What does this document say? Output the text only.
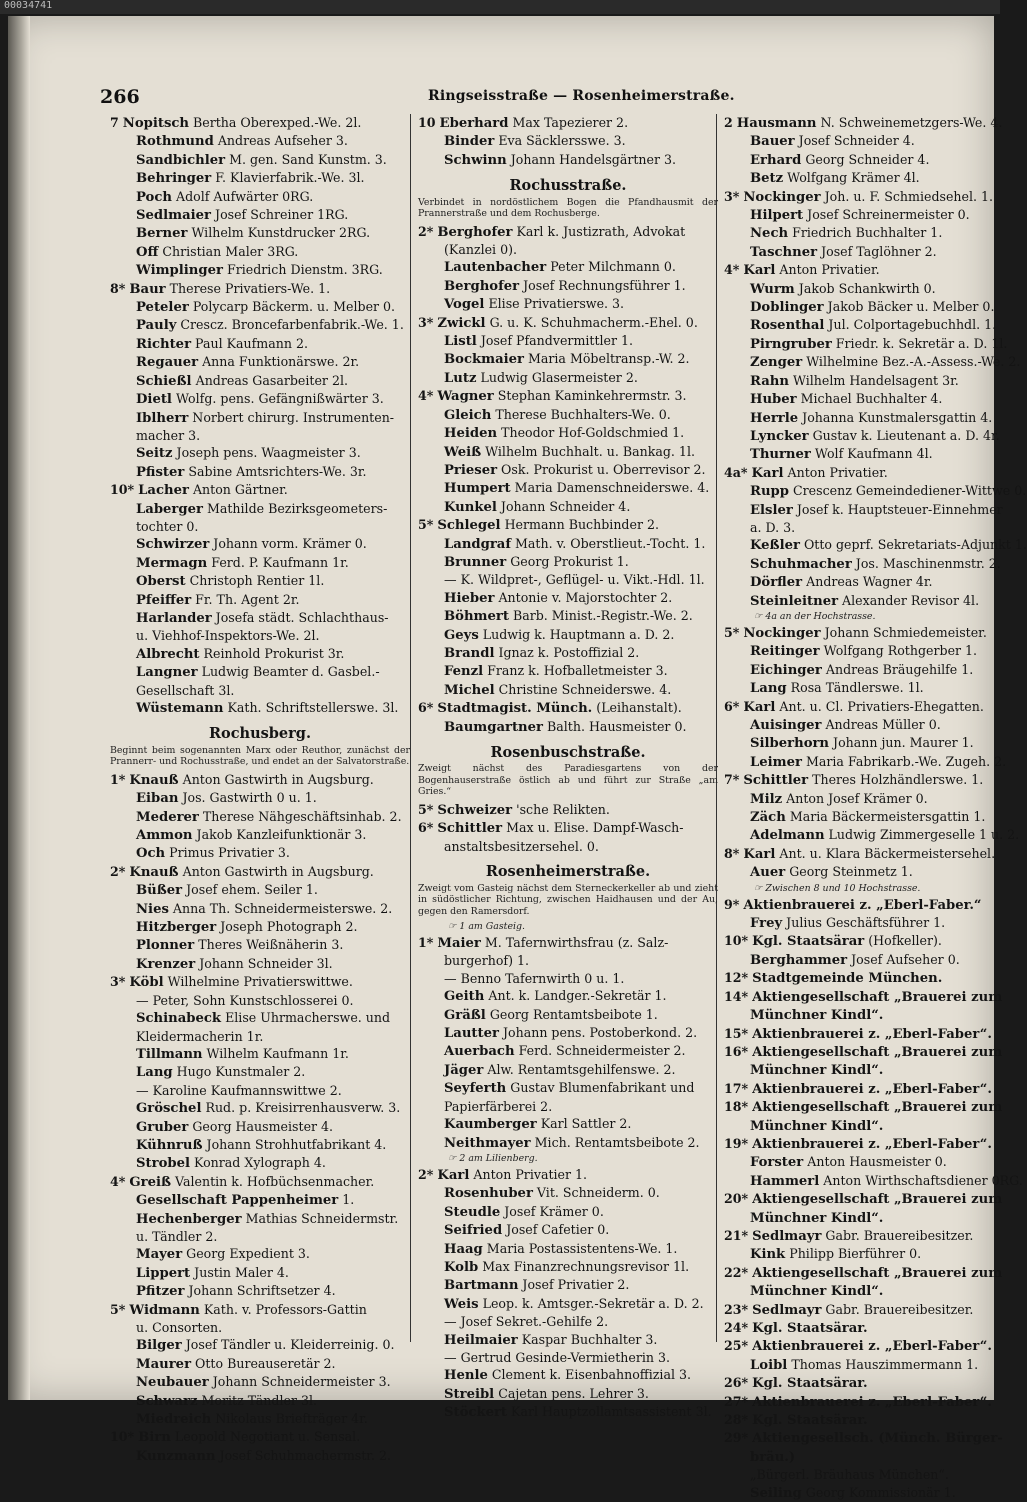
00034741
266	Ringseisstraße — Rosenheimerstraße.
7 Nopitsch Bertha Oberexped.-We. 2l.
Rothmund Andreas Aufseher 3.
Sandbichler M. gen. Sand Kunstm. 3.
Behringer F. Klavierfabrik.-We. 3l.
Poch Adolf Aufwärter 0RG.
Sedlmaier Josef Schreiner 1RG.
Berner Wilhelm Kunstdrucker 2RG.
Off Christian Maler 3RG.
Wimplinger Friedrich Dienstm. 3RG.
8* Baur Therese Privatiers-We. 1.
Peteler Polycarp Bäckerm. u. Melber 0.
Pauly Crescz. Broncefarbenfabrik.-We. 1.
Richter Paul Kaufmann 2.
Regauer Anna Funktionärswe. 2r.
Schießl Andreas Gasarbeiter 2l.
Dietl Wolfg. pens. Gefängnißwärter 3.
Iblherr Norbert chirurg. Instrumenten-
macher 3.
Seitz Joseph pens. Waagmeister 3.
Pfister Sabine Amtsrichters-We. 3r.
10* Lacher Anton Gärtner.
Laberger Mathilde Bezirksgeometers-
tochter 0.
Schwirzer Johann vorm. Krämer 0.
Mermagn Ferd. P. Kaufmann 1r.
Oberst Christoph Rentier 1l.
Pfeiffer Fr. Th. Agent 2r.
Harlander Josefa städt. Schlachthaus-
u. Viehhof-Inspektors-We. 2l.
Albrecht Reinhold Prokurist 3r.
Langner Ludwig Beamter d. Gasbel.-
Gesellschaft 3l.
Wüstemann Kath. Schriftstellerswe. 3l.
Rochusberg.
Beginnt beim sogenannten Marx oder Reuthor, zunächst der Prannerr- und Rochusstraße, und endet an der Salvatorstraße.
1* Knauß Anton Gastwirth in Augsburg.
Eiban Jos. Gastwirth 0 u. 1.
Mederer Therese Nähgeschäftsinhab. 2.
Ammon Jakob Kanzleifunktionär 3.
Och Primus Privatier 3.
2* Knauß Anton Gastwirth in Augsburg.
Büßer Josef ehem. Seiler 1.
Nies Anna Th. Schneidermeisterswe. 2.
Hitzberger Joseph Photograph 2.
Plonner Theres Weißnäherin 3.
Krenzer Johann Schneider 3l.
3* Köbl Wilhelmine Privatierswittwe.
— Peter, Sohn Kunstschlosserei 0.
Schinabeck Elise Uhrmacherswe. und
Kleidermacherin 1r.
Tillmann Wilhelm Kaufmann 1r.
Lang Hugo Kunstmaler 2.
— Karoline Kaufmannswittwe 2.
Gröschel Rud. p. Kreisirrenhausverw. 3.
Gruber Georg Hausmeister 4.
Kühnruß Johann Strohhutfabrikant 4.
Strobel Konrad Xylograph 4.
4* Greiß Valentin k. Hofbüchsenmacher.
Gesellschaft Pappenheimer 1.
Hechenberger Mathias Schneidermstr.
u. Tändler 2.
Mayer Georg Expedient 3.
Lippert Justin Maler 4.
Pfitzer Johann Schriftsetzer 4.
5* Widmann Kath. v. Professors-Gattin
u. Consorten.
Bilger Josef Tändler u. Kleiderreinig. 0.
Maurer Otto Bureauseretär 2.
Neubauer Johann Schneidermeister 3.
Schwarz Moritz Tändler 3l.
Miedreich Nikolaus Briefträger 4r.
10* Birn Leopold Negotiant u. Sensal.
Kunzmann Josef Schuhmachermstr. 2.
10 Eberhard Max Tapezierer 2.
Binder Eva Säcklersswe. 3.
Schwinn Johann Handelsgärtner 3.
Rochusstraße.
Verbindet in nordöstlichem Bogen die Pfandhausmit der Prannerstraße und dem Rochusberge.
2* Berghofer Karl k. Justizrath, Advokat
(Kanzlei 0).
Lautenbacher Peter Milchmann 0.
Berghofer Josef Rechnungsführer 1.
Vogel Elise Privatierswe. 3.
3* Zwickl G. u. K. Schuhmacherm.-Ehel. 0.
Listl Josef Pfandvermittler 1.
Bockmaier Maria Möbeltransp.-W. 2.
Lutz Ludwig Glasermeister 2.
4* Wagner Stephan Kaminkehrermstr. 3.
Gleich Therese Buchhalters-We. 0.
Heiden Theodor Hof-Goldschmied 1.
Weiß Wilhelm Buchhalt. u. Bankag. 1l.
Prieser Osk. Prokurist u. Oberrevisor 2.
Humpert Maria Damenschneiderswe. 4.
Kunkel Johann Schneider 4.
5* Schlegel Hermann Buchbinder 2.
Landgraf Math. v. Oberstlieut.-Tocht. 1.
Brunner Georg Prokurist 1.
— K. Wildpret-, Geflügel- u. Vikt.-Hdl. 1l.
Hieber Antonie v. Majorstochter 2.
Böhmert Barb. Minist.-Registr.-We. 2.
Geys Ludwig k. Hauptmann a. D. 2.
Brandl Ignaz k. Postoffizial 2.
Fenzl Franz k. Hofballetmeister 3.
Michel Christine Schneiderswe. 4.
6* Stadtmagist. Münch. (Leihanstalt).
Baumgartner Balth. Hausmeister 0.
Rosenbuschstraße.
Zweigt nächst des Paradiesgartens von der Bogenhauserstraße östlich ab und führt zur Straße „am Gries.“
5* Schweizer 'sche Relikten.
6* Schittler Max u. Elise. Dampf-Wasch-
anstaltsbesitzersehel. 0.
Rosenheimerstraße.
Zweigt vom Gasteig nächst dem Sterneckerkeller ab und zieht in südöstlicher Richtung, zwischen Haidhausen und der Au, gegen den Ramersdorf.
☞ 1 am Gasteig.
1* Maier M. Tafernwirthsfrau (z. Salz-
burgerhof) 1.
— Benno Tafernwirth 0 u. 1.
Geith Ant. k. Landger.-Sekretär 1.
Gräßl Georg Rentamtsbeibote 1.
Lautter Johann pens. Postoberkond. 2.
Auerbach Ferd. Schneidermeister 2.
Jäger Alw. Rentamtsgehilfenswe. 2.
Seyferth Gustav Blumenfabrikant und
Papierfärberei 2.
Kaumberger Karl Sattler 2.
Neithmayer Mich. Rentamtsbeibote 2.
☞ 2 am Lilienberg.
2* Karl Anton Privatier 1.
Rosenhuber Vit. Schneiderm. 0.
Steudle Josef Krämer 0.
Seifried Josef Cafetier 0.
Haag Maria Postassistentens-We. 1.
Kolb Max Finanzrechnungsrevisor 1l.
Bartmann Josef Privatier 2.
Weis Leop. k. Amtsger.-Sekretär a. D. 2.
— Josef Sekret.-Gehilfe 2.
Heilmaier Kaspar Buchhalter 3.
— Gertrud Gesinde-Vermietherin 3.
Henle Clement k. Eisenbahnoffizial 3.
Streibl Cajetan pens. Lehrer 3.
Stöckert Karl Hauptzollamtsassistent 3l.
2 Hausmann N. Schweinemetzgers-We. 4.
Bauer Josef Schneider 4.
Erhard Georg Schneider 4.
Betz Wolfgang Krämer 4l.
3* Nockinger Joh. u. F. Schmiedsehel. 1.
Hilpert Josef Schreinermeister 0.
Nech Friedrich Buchhalter 1.
Taschner Josef Taglöhner 2.
4* Karl Anton Privatier.
Wurm Jakob Schankwirth 0.
Doblinger Jakob Bäcker u. Melber 0.
Rosenthal Jul. Colportagebuchhdl. 1.
Pirngruber Friedr. k. Sekretär a. D. 1l.
Zenger Wilhelmine Bez.-A.-Assess.-We. 2.
Rahn Wilhelm Handelsagent 3r.
Huber Michael Buchhalter 4.
Herrle Johanna Kunstmalersgattin 4.
Lyncker Gustav k. Lieutenant a. D. 4r.
Thurner Wolf Kaufmann 4l.
4a* Karl Anton Privatier.
Rupp Crescenz Gemeindediener-Wittwe 0.
Elsler Josef k. Hauptsteuer-Einnehmer
a. D. 3.
Keßler Otto geprf. Sekretariats-Adjunkt 1.
Schuhmacher Jos. Maschinenmstr. 2.
Dörfler Andreas Wagner 4r.
Steinleitner Alexander Revisor 4l.
☞ 4a an der Hochstrasse.
5* Nockinger Johann Schmiedemeister.
Reitinger Wolfgang Rothgerber 1.
Eichinger Andreas Bräugehilfe 1.
Lang Rosa Tändlerswe. 1l.
6* Karl Ant. u. Cl. Privatiers-Ehegatten.
Auisinger Andreas Müller 0.
Silberhorn Johann jun. Maurer 1.
Leimer Maria Fabrikarb.-We. Zugeh. 2.
7* Schittler Theres Holzhändlerswe. 1.
Milz Anton Josef Krämer 0.
Zäch Maria Bäckermeistersgattin 1.
Adelmann Ludwig Zimmergeselle 1 u. 2.
8* Karl Ant. u. Klara Bäckermeistersehel.
Auer Georg Steinmetz 1.
☞ Zwischen 8 und 10 Hochstrasse.
9* Aktienbrauerei z. „Eberl-Faber.“
Frey Julius Geschäftsführer 1.
10* Kgl. Staatsärar (Hofkeller).
Berghammer Josef Aufseher 0.
12* Stadtgemeinde München.
14* Aktiengesellschaft „Brauerei zum
Münchner Kindl“.
15* Aktienbrauerei z. „Eberl-Faber“.
16* Aktiengesellschaft „Brauerei zum
Münchner Kindl“.
17* Aktienbrauerei z. „Eberl-Faber“.
18* Aktiengesellschaft „Brauerei zum
Münchner Kindl“.
19* Aktienbrauerei z. „Eberl-Faber“.
Forster Anton Hausmeister 0.
Hammerl Anton Wirthschaftsdiener 0RG.
20* Aktiengesellschaft „Brauerei zum
Münchner Kindl“.
21* Sedlmayr Gabr. Brauereibesitzer.
Kink Philipp Bierführer 0.
22* Aktiengesellschaft „Brauerei zum
Münchner Kindl“.
23* Sedlmayr Gabr. Brauereibesitzer.
24* Kgl. Staatsärar.
25* Aktienbrauerei z. „Eberl-Faber“.
Loibl Thomas Hauszimmermann 1.
26* Kgl. Staatsärar.
27* Aktienbrauerei z. „Eberl-Faber“.
28* Kgl. Staatsärar.
29* Aktiengesellsch. (Münch. Bürger-
bräu.)
„Bürgerl. Bräuhaus München“.
Seiling Georg Kommissionär 1.
